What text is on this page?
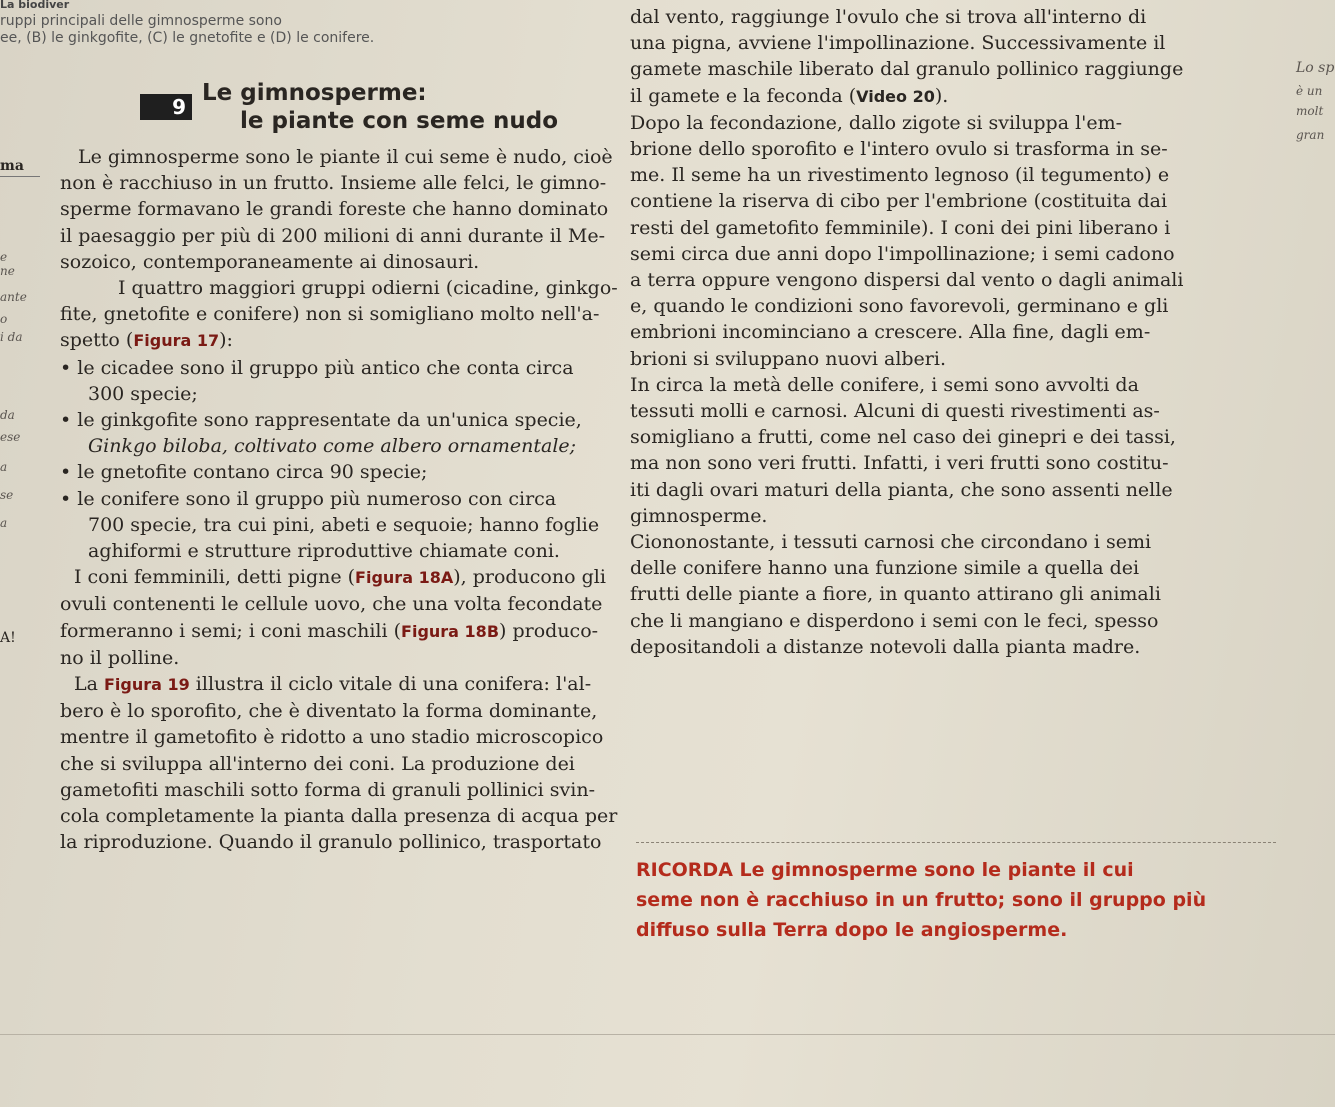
La biodiver
ruppi principali delle gimnosperme sono
ee, (B) le ginkgofite, (C) le gnetofite e (D) le conifere.
ma
e
ne
ante
o
i da
da
ese
a
se
a
A!
Lo sp
è un
molt
gran
9
Le gimnosperme:
le piante con seme nudo
Le gimnosperme sono le piante il cui seme è nudo, cioè
non è racchiuso in un frutto. Insieme alle felci, le gimno-
sperme formavano le grandi foreste che hanno dominato
il paesaggio per più di 200 milioni di anni durante il Me-
sozoico, contemporaneamente ai dinosauri.
I quattro maggiori gruppi odierni (cicadine, ginkgo-
fite, gnetofite e conifere) non si somigliano molto nell'a-
spetto (Figura 17):
• le cicadee sono il gruppo più antico che conta circa
300 specie;
• le ginkgofite sono rappresentate da un'unica specie,
Ginkgo biloba, coltivato come albero ornamentale;
• le gnetofite contano circa 90 specie;
• le conifere sono il gruppo più numeroso con circa
700 specie, tra cui pini, abeti e sequoie; hanno foglie
aghiformi e strutture riproduttive chiamate coni.
I coni femminili, detti pigne (Figura 18A), producono gli
ovuli contenenti le cellule uovo, che una volta fecondate
formeranno i semi; i coni maschili (Figura 18B) produco-
no il polline.
La Figura 19 illustra il ciclo vitale di una conifera: l'al-
bero è lo sporofito, che è diventato la forma dominante,
mentre il gametofito è ridotto a uno stadio microscopico
che si sviluppa all'interno dei coni. La produzione dei
gametofiti maschili sotto forma di granuli pollinici svin-
cola completamente la pianta dalla presenza di acqua per
la riproduzione. Quando il granulo pollinico, trasportato
dal vento, raggiunge l'ovulo che si trova all'interno di
una pigna, avviene l'impollinazione. Successivamente il
gamete maschile liberato dal granulo pollinico raggiunge
il gamete e la feconda (Video 20).
Dopo la fecondazione, dallo zigote si sviluppa l'em-
brione dello sporofito e l'intero ovulo si trasforma in se-
me. Il seme ha un rivestimento legnoso (il tegumento) e
contiene la riserva di cibo per l'embrione (costituita dai
resti del gametofito femminile). I coni dei pini liberano i
semi circa due anni dopo l'impollinazione; i semi cadono
a terra oppure vengono dispersi dal vento o dagli animali
e, quando le condizioni sono favorevoli, germinano e gli
embrioni incominciano a crescere. Alla fine, dagli em-
brioni si sviluppano nuovi alberi.
In circa la metà delle conifere, i semi sono avvolti da
tessuti molli e carnosi. Alcuni di questi rivestimenti as-
somigliano a frutti, come nel caso dei ginepri e dei tassi,
ma non sono veri frutti. Infatti, i veri frutti sono costitu-
iti dagli ovari maturi della pianta, che sono assenti nelle
gimnosperme.
Ciononostante, i tessuti carnosi che circondano i semi
delle conifere hanno una funzione simile a quella dei
frutti delle piante a fiore, in quanto attirano gli animali
che li mangiano e disperdono i semi con le feci, spesso
depositandoli a distanze notevoli dalla pianta madre.
RICORDA Le gimnosperme sono le piante il cui
seme non è racchiuso in un frutto; sono il gruppo più
diffuso sulla Terra dopo le angiosperme.
